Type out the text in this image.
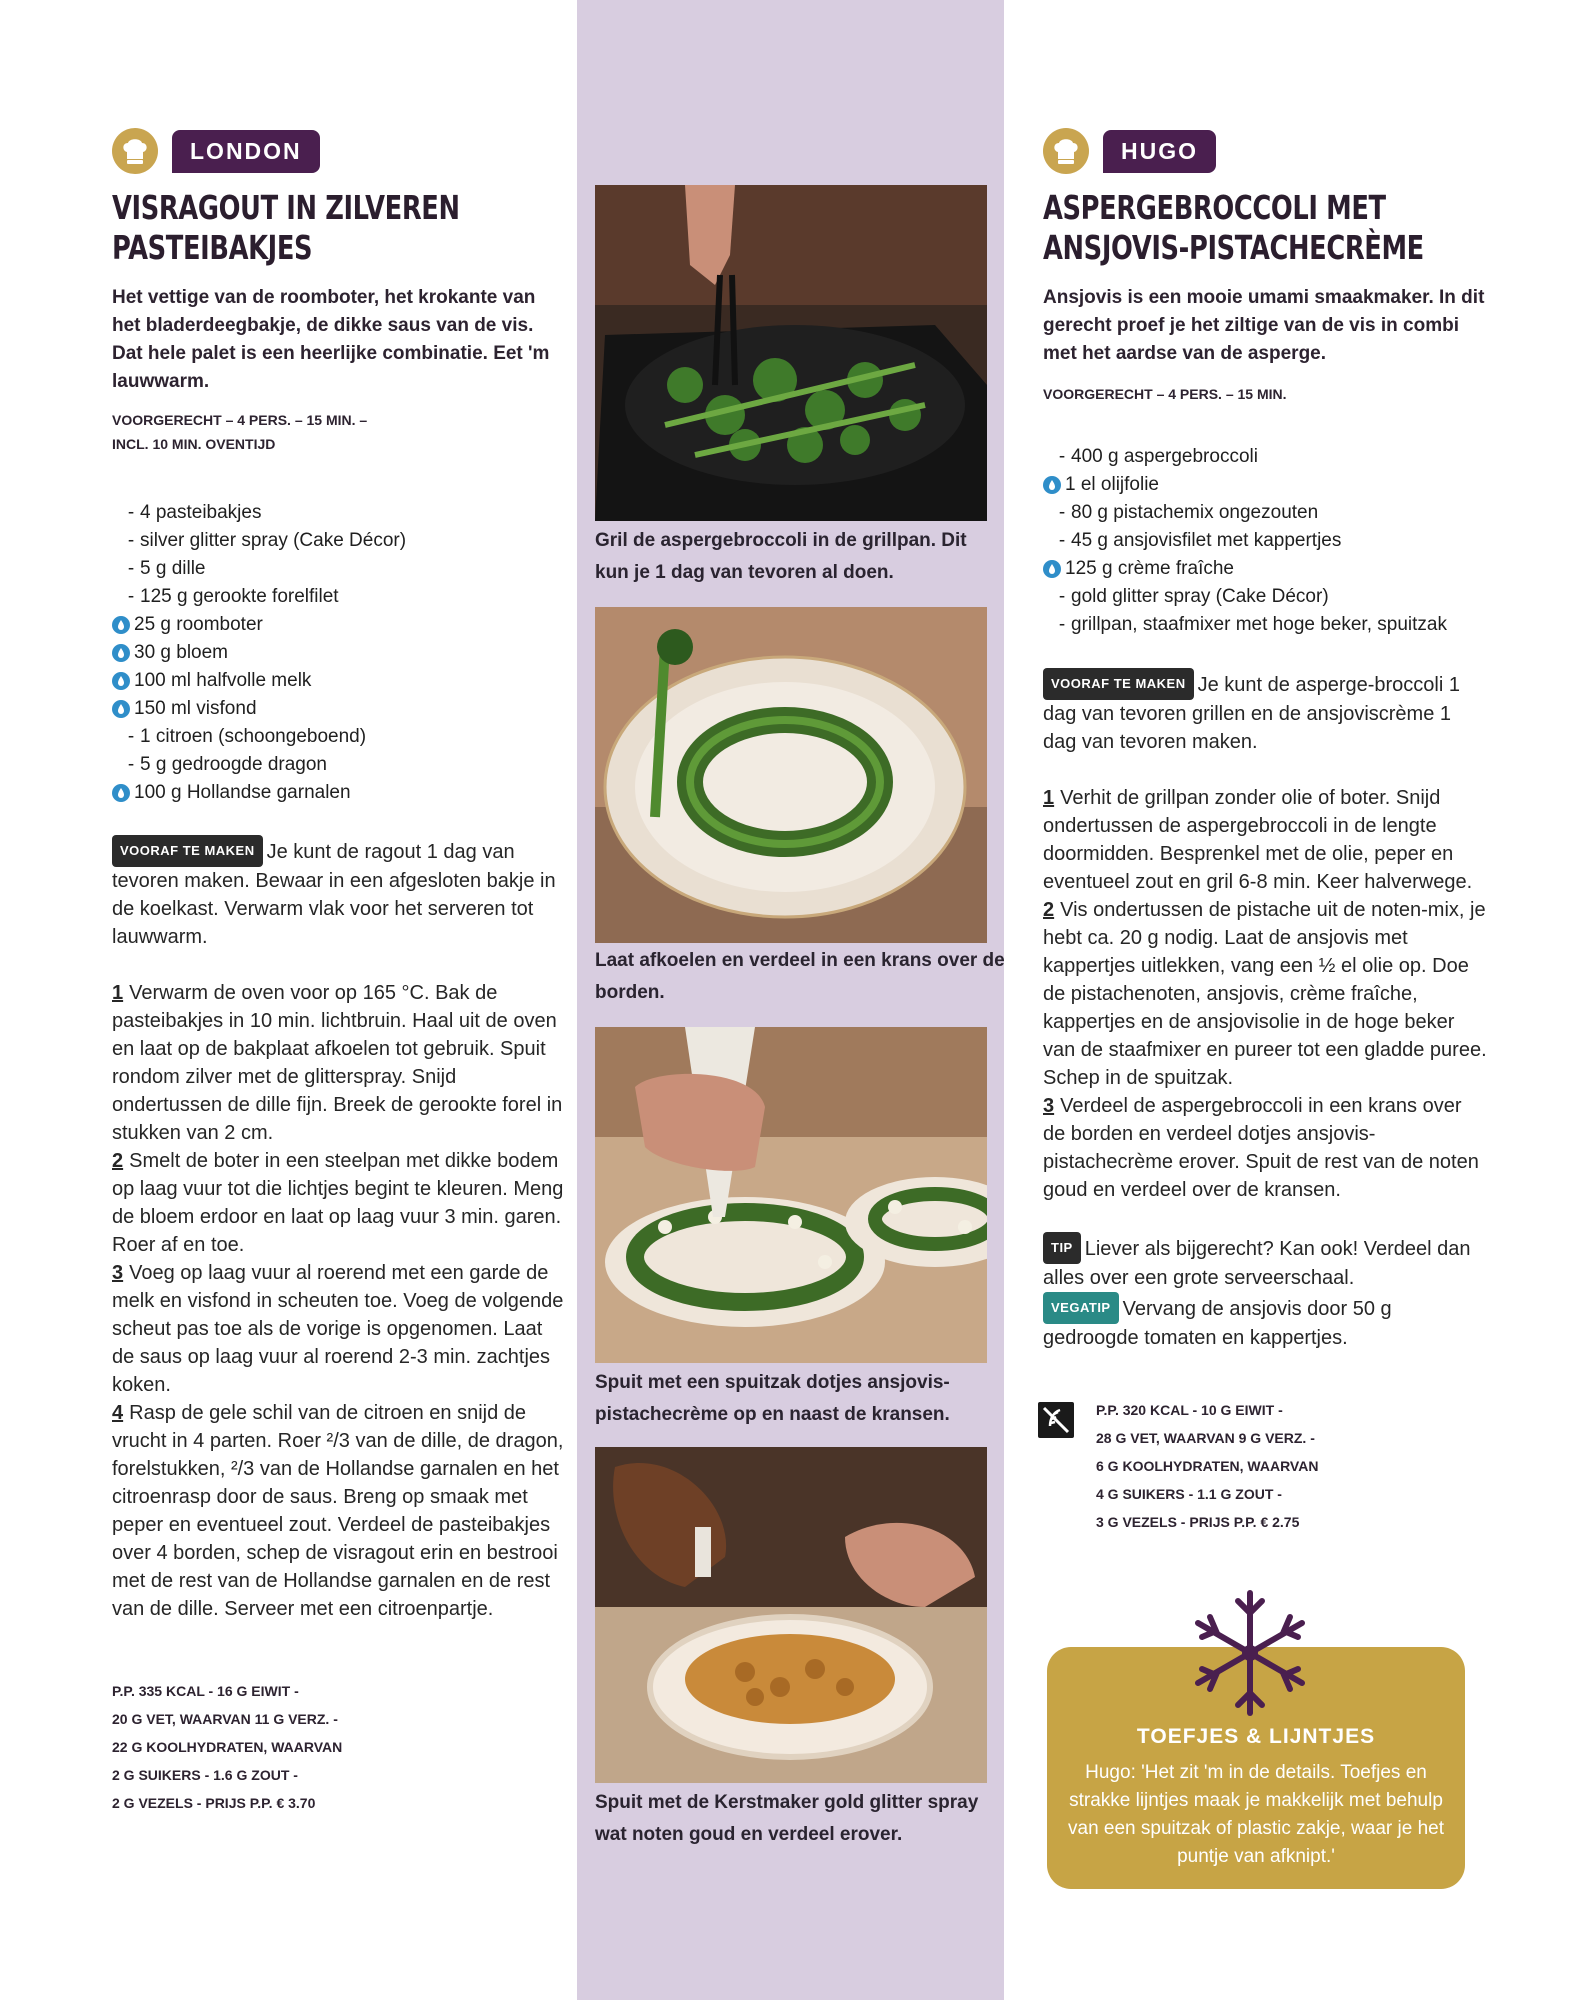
LONDON
VISRAGOUT IN ZILVEREN
PASTEIBAKJES
Het vettige van de roomboter, het krokante van het bladerdeegbakje, de dikke saus van de vis. Dat hele palet is een heerlijke combinatie. Eet 'm lauwwarm.
VOORGERECHT – 4 PERS. – 15 MIN. –
INCL. 10 MIN. OVENTIJD
- 4 pasteibakjes
- silver glitter spray (Cake Décor)
- 5 g dille
- 125 g gerookte forelfilet
25 g roomboter
30 g bloem
100 ml halfvolle melk
150 ml visfond
- 1 citroen (schoongeboend)
- 5 g gedroogde dragon
100 g Hollandse garnalen

VOORAF TE MAKEN Je kunt de ragout 1 dag van tevoren maken. Bewaar in een afgesloten bakje in de koelkast. Verwarm vlak voor het serveren tot lauwwarm.

1 Verwarm de oven voor op 165 °C. Bak de pasteibakjes in 10 min. lichtbruin. Haal uit de oven en laat op de bakplaat afkoelen tot gebruik. Spuit rondom zilver met de glitterspray. Snijd ondertussen de dille fijn. Breek de gerookte forel in stukken van 2 cm.

2 Smelt de boter in een steelpan met dikke bodem op laag vuur tot die lichtjes begint te kleuren. Meng de bloem erdoor en laat op laag vuur 3 min. garen. Roer af en toe.

3 Voeg op laag vuur al roerend met een garde de melk en visfond in scheuten toe. Voeg de volgende scheut pas toe als de vorige is opgenomen. Laat de saus op laag vuur al roerend 2-3 min. zachtjes koken.

4 Rasp de gele schil van de citroen en snijd de vrucht in 4 parten. Roer ²/3 van de dille, de dragon, forelstukken, ²/3 van de Hollandse garnalen en het citroenrasp door de saus. Breng op smaak met peper en eventueel zout. Verdeel de pasteibakjes over 4 borden, schep de visragout erin en bestrooi met de rest van de Hollandse garnalen en de rest van de dille. Serveer met een citroenpartje.

P.P. 335 KCAL - 16 G EIWIT -
20 G VET, WAARVAN 11 G VERZ. -
22 G KOOLHYDRATEN, WAARVAN
2 G SUIKERS - 1.6 G ZOUT -
2 G VEZELS - PRIJS P.P. € 3.70
Gril de aspergebroccoli in de grillpan. Dit kun je 1 dag van tevoren al doen.
Laat afkoelen en verdeel in een krans over de borden.
Spuit met een spuitzak dotjes ansjovis-pistachecrème op en naast de kransen.
Spuit met de Kerstmaker gold glitter spray wat noten goud en verdeel erover.
HUGO
ASPERGEBROCCOLI MET
ANSJOVIS-PISTACHECRÈME
Ansjovis is een mooie umami smaakmaker. In dit gerecht proef je het ziltige van de vis in combi met het aardse van de asperge.
VOORGERECHT – 4 PERS. – 15 MIN.
- 400 g aspergebroccoli
1 el olijfolie
- 80 g pistachemix ongezouten
- 45 g ansjovisfilet met kappertjes
125 g crème fraîche
- gold glitter spray (Cake Décor)
- grillpan, staafmixer met hoge beker, spuitzak

VOORAF TE MAKEN Je kunt de asperge-broccoli 1 dag van tevoren grillen en de ansjoviscrème 1 dag van tevoren maken.

1 Verhit de grillpan zonder olie of boter. Snijd ondertussen de aspergebroccoli in de lengte doormidden. Besprenkel met de olie, peper en eventueel zout en gril 6-8 min. Keer halverwege.

2 Vis ondertussen de pistache uit de noten-mix, je hebt ca. 20 g nodig. Laat de ansjovis met kappertjes uitlekken, vang een ½ el olie op. Doe de pistachenoten, ansjovis, crème fraîche, kappertjes en de ansjovisolie in de hoge beker van de staafmixer en pureer tot een gladde puree. Schep in de spuitzak.

3 Verdeel de aspergebroccoli in een krans over de borden en verdeel dotjes ansjovis-pistachecrème erover. Spuit de rest van de noten goud en verdeel over de kransen.

TIP Liever als bijgerecht? Kan ook! Verdeel dan alles over een grote serveerschaal.

VEGATIP Vervang de ansjovis door 50 g gedroogde tomaten en kappertjes.

P.P. 320 KCAL - 10 G EIWIT -
28 G VET, WAARVAN 9 G VERZ. -
6 G KOOLHYDRATEN, WAARVAN
4 G SUIKERS - 1.1 G ZOUT -
3 G VEZELS - PRIJS P.P. € 2.75
TOEFJES & LIJNTJES
Hugo: 'Het zit 'm in de details. Toefjes en strakke lijntjes maak je makkelijk met behulp van een spuitzak of plastic zakje, waar je het puntje van afknipt.'
